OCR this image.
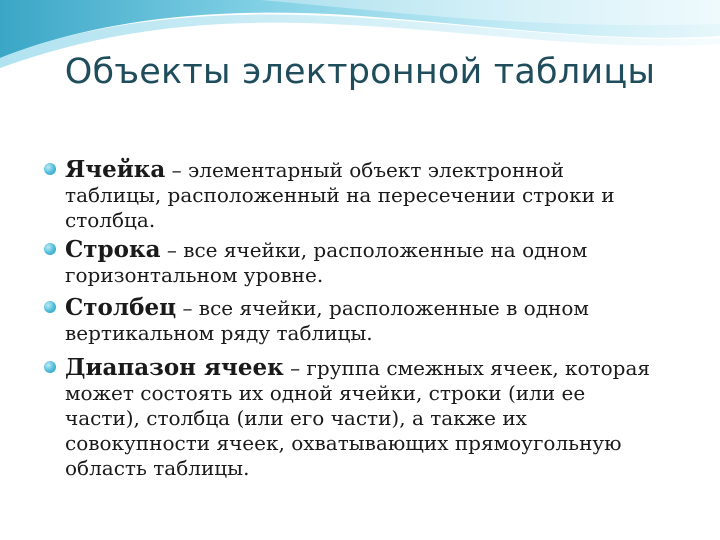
Объекты электронной таблицы
Ячейка – элементарный объект электронной
таблицы, расположенный на пересечении строки и
столбца.
Строка – все ячейки, расположенные на одном
горизонтальном уровне.
Столбец – все ячейки, расположенные в одном
вертикальном ряду таблицы.
Диапазон ячеек – группа смежных ячеек, которая
может состоять их одной ячейки, строки (или ее
части), столбца (или его части), а также их
совокупности ячеек, охватывающих прямоугольную
область таблицы.
